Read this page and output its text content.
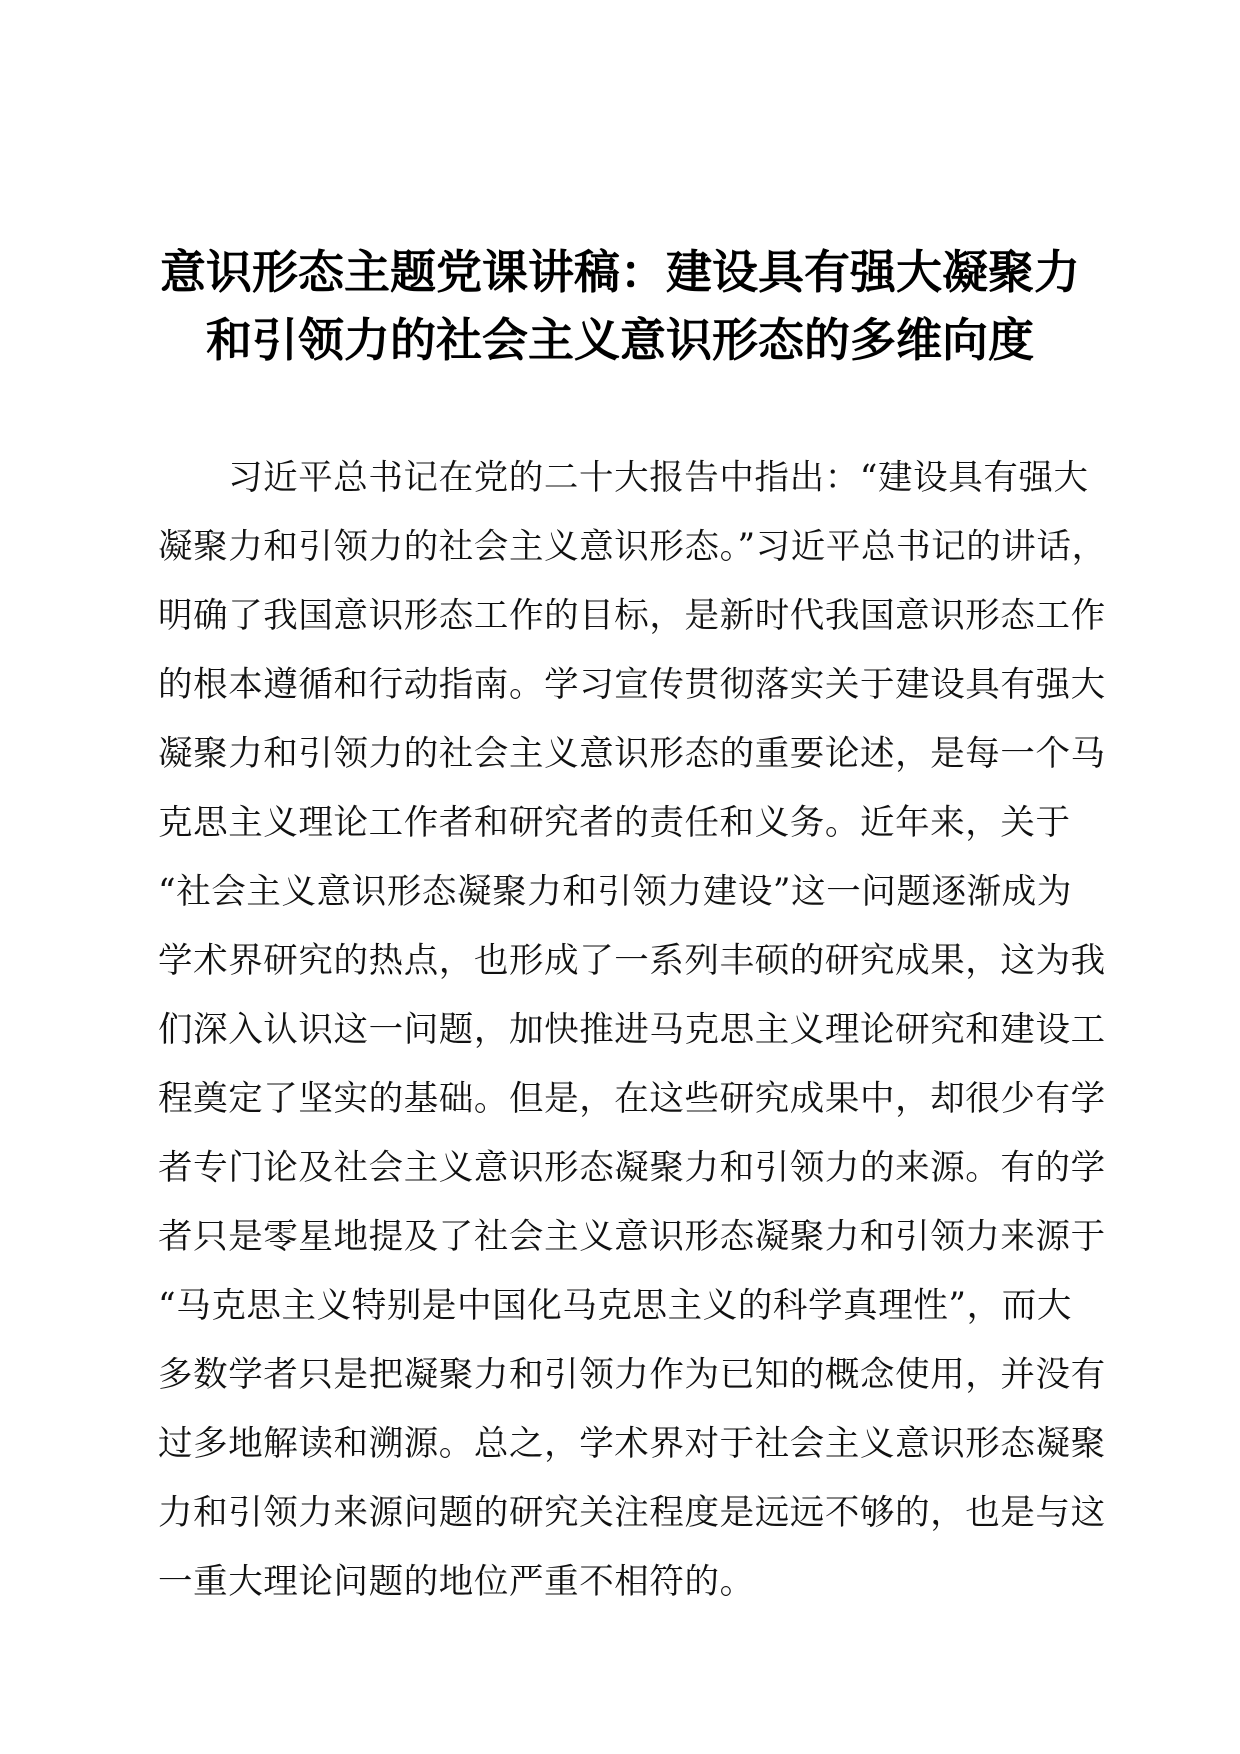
意识形态主题党课讲稿：建设具有强大凝聚力
和引领力的社会主义意识形态的多维向度
习近平总书记在党的二十大报告中指出：“建设具有强大
凝聚力和引领力的社会主义意识形态。”习近平总书记的讲话，
明确了我国意识形态工作的目标，是新时代我国意识形态工作
的根本遵循和行动指南。学习宣传贯彻落实关于建设具有强大
凝聚力和引领力的社会主义意识形态的重要论述，是每一个马
克思主义理论工作者和研究者的责任和义务。近年来，关于
“社会主义意识形态凝聚力和引领力建设”这一问题逐渐成为
学术界研究的热点，也形成了一系列丰硕的研究成果，这为我
们深入认识这一问题，加快推进马克思主义理论研究和建设工
程奠定了坚实的基础。但是，在这些研究成果中，却很少有学
者专门论及社会主义意识形态凝聚力和引领力的来源。有的学
者只是零星地提及了社会主义意识形态凝聚力和引领力来源于
“马克思主义特别是中国化马克思主义的科学真理性”，而大
多数学者只是把凝聚力和引领力作为已知的概念使用，并没有
过多地解读和溯源。总之，学术界对于社会主义意识形态凝聚
力和引领力来源问题的研究关注程度是远远不够的，也是与这
一重大理论问题的地位严重不相符的。
